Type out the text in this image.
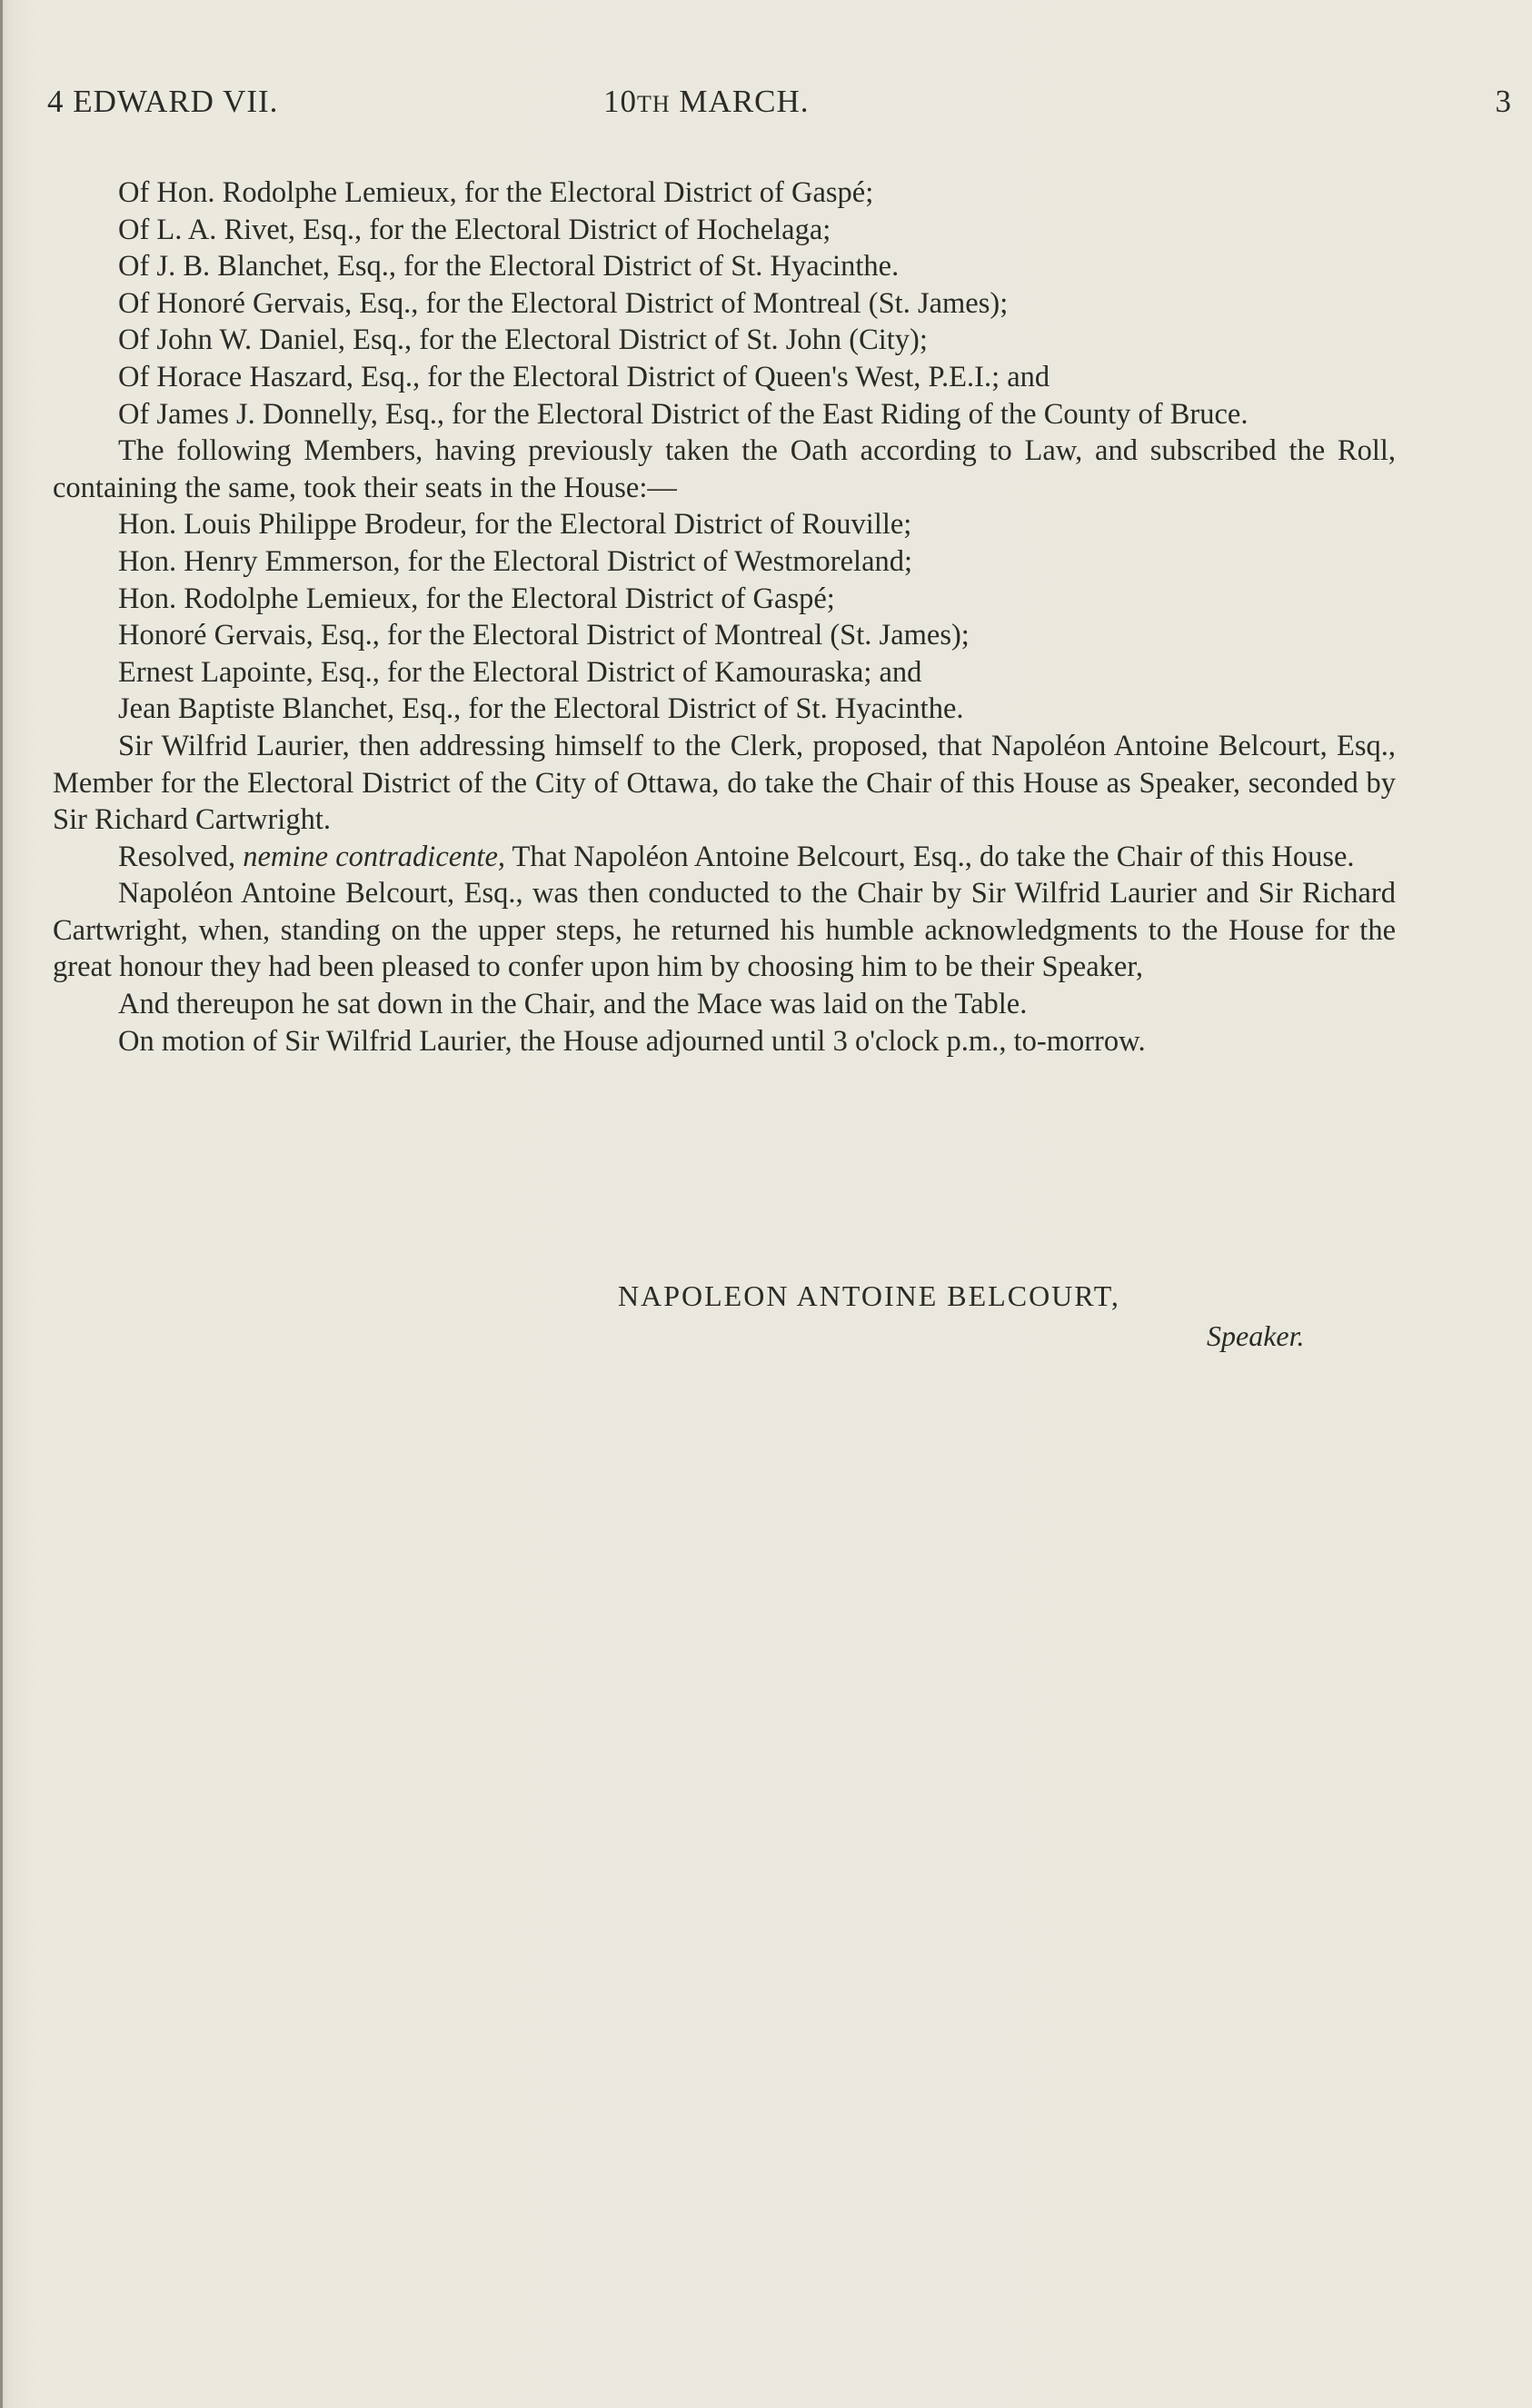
4 EDWARD VII.	10TH MARCH.	3

Of Hon. Rodolphe Lemieux, for the Electoral District of Gaspé;

Of L. A. Rivet, Esq., for the Electoral District of Hochelaga;

Of J. B. Blanchet, Esq., for the Electoral District of St. Hyacinthe.

Of Honoré Gervais, Esq., for the Electoral District of Montreal (St. James);

Of John W. Daniel, Esq., for the Electoral District of St. John (City);

Of Horace Haszard, Esq., for the Electoral District of Queen's West, P.E.I.; and

Of James J. Donnelly, Esq., for the Electoral District of the East Riding of the County of Bruce.

The following Members, having previously taken the Oath according to Law, and subscribed the Roll, containing the same, took their seats in the House:—

Hon. Louis Philippe Brodeur, for the Electoral District of Rouville;

Hon. Henry Emmerson, for the Electoral District of Westmoreland;

Hon. Rodolphe Lemieux, for the Electoral District of Gaspé;

Honoré Gervais, Esq., for the Electoral District of Montreal (St. James);

Ernest Lapointe, Esq., for the Electoral District of Kamouraska; and

Jean Baptiste Blanchet, Esq., for the Electoral District of St. Hyacinthe.

Sir Wilfrid Laurier, then addressing himself to the Clerk, proposed, that Napoléon Antoine Belcourt, Esq., Member for the Electoral District of the City of Ottawa, do take the Chair of this House as Speaker, seconded by Sir Richard Cartwright.

Resolved, nemine contradicente, That Napoléon Antoine Belcourt, Esq., do take the Chair of this House.

Napoléon Antoine Belcourt, Esq., was then conducted to the Chair by Sir Wilfrid Laurier and Sir Richard Cartwright, when, standing on the upper steps, he returned his humble acknowledgments to the House for the great honour they had been pleased to confer upon him by choosing him to be their Speaker,

And thereupon he sat down in the Chair, and the Mace was laid on the Table.

On motion of Sir Wilfrid Laurier, the House adjourned until 3 o'clock p.m., to-morrow.

NAPOLEON ANTOINE BELCOURT,
Speaker.
